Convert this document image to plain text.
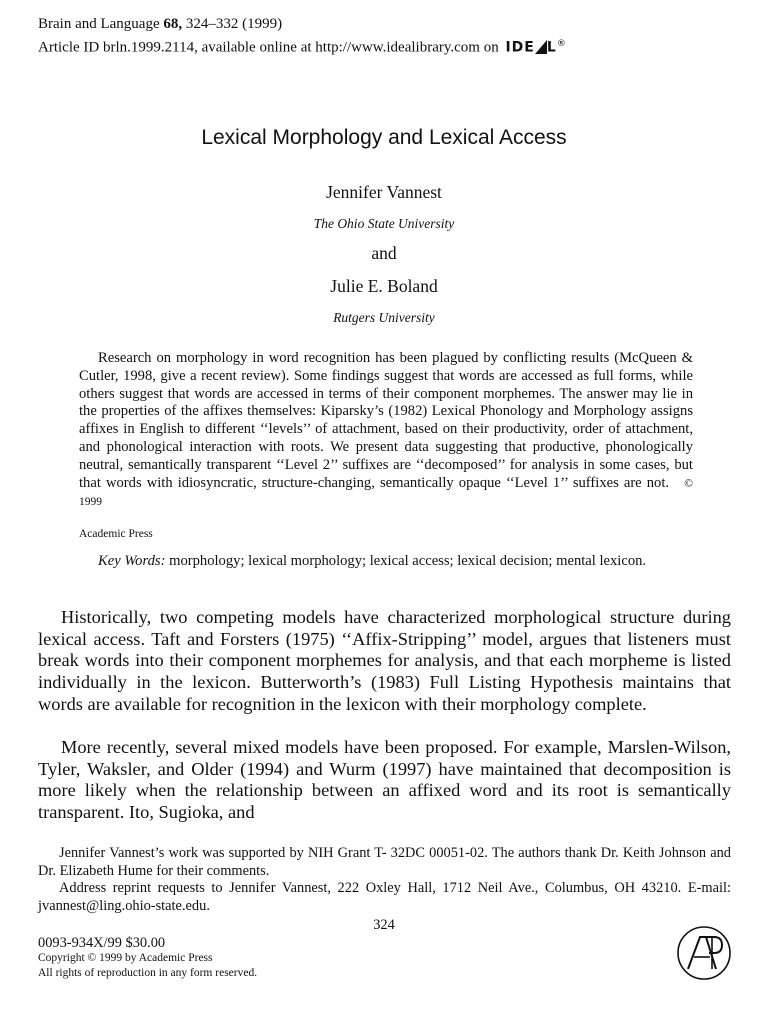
Brain and Language 68, 324–332 (1999)
Article ID brln.1999.2114, available online at http://www.idealibrary.com on IDE L®
Lexical Morphology and Lexical Access
Jennifer Vannest
The Ohio State University
and
Julie E. Boland
Rutgers University

Research on morphology in word recognition has been plagued by conflicting results (McQueen & Cutler, 1998, give a recent review). Some findings suggest that words are accessed as full forms, while others suggest that words are accessed in terms of their component morphemes. The answer may lie in the properties of the affixes themselves: Kiparsky’s (1982) Lexical Phonology and Morphology assigns affixes in English to different ‘‘levels’’ of attachment, based on their productivity, order of attachment, and phonological interaction with roots. We present data suggesting that productive, phonologically neutral, semantically transparent ‘‘Level 2’’ suffixes are ‘‘decomposed’’ for analysis in some cases, but that words with idiosyncratic, structure-changing, semantically opaque ‘‘Level 1’’ suffixes are not. © 1999

Academic Press

Key Words: morphology; lexical morphology; lexical access; lexical decision; mental lexicon.

Historically, two competing models have characterized morphological structure during lexical access. Taft and Forsters (1975) ‘‘Affix-Stripping’’ model, argues that listeners must break words into their component morphemes for analysis, and that each morpheme is listed individually in the lexicon. Butterworth’s (1983) Full Listing Hypothesis maintains that words are available for recognition in the lexicon with their morphology complete.

More recently, several mixed models have been proposed. For example, Marslen-Wilson, Tyler, Waksler, and Older (1994) and Wurm (1997) have maintained that decomposition is more likely when the relationship between an affixed word and its root is semantically transparent. Ito, Sugioka, and

Jennifer Vannest’s work was supported by NIH Grant T- 32DC 00051-02. The authors thank Dr. Keith Johnson and Dr. Elizabeth Hume for their comments.

Address reprint requests to Jennifer Vannest, 222 Oxley Hall, 1712 Neil Ave., Columbus, OH 43210. E-mail: jvannest@ling.ohio-state.edu.

324
0093-934X/99 $30.00
Copyright © 1999 by Academic Press
All rights of reproduction in any form reserved.
